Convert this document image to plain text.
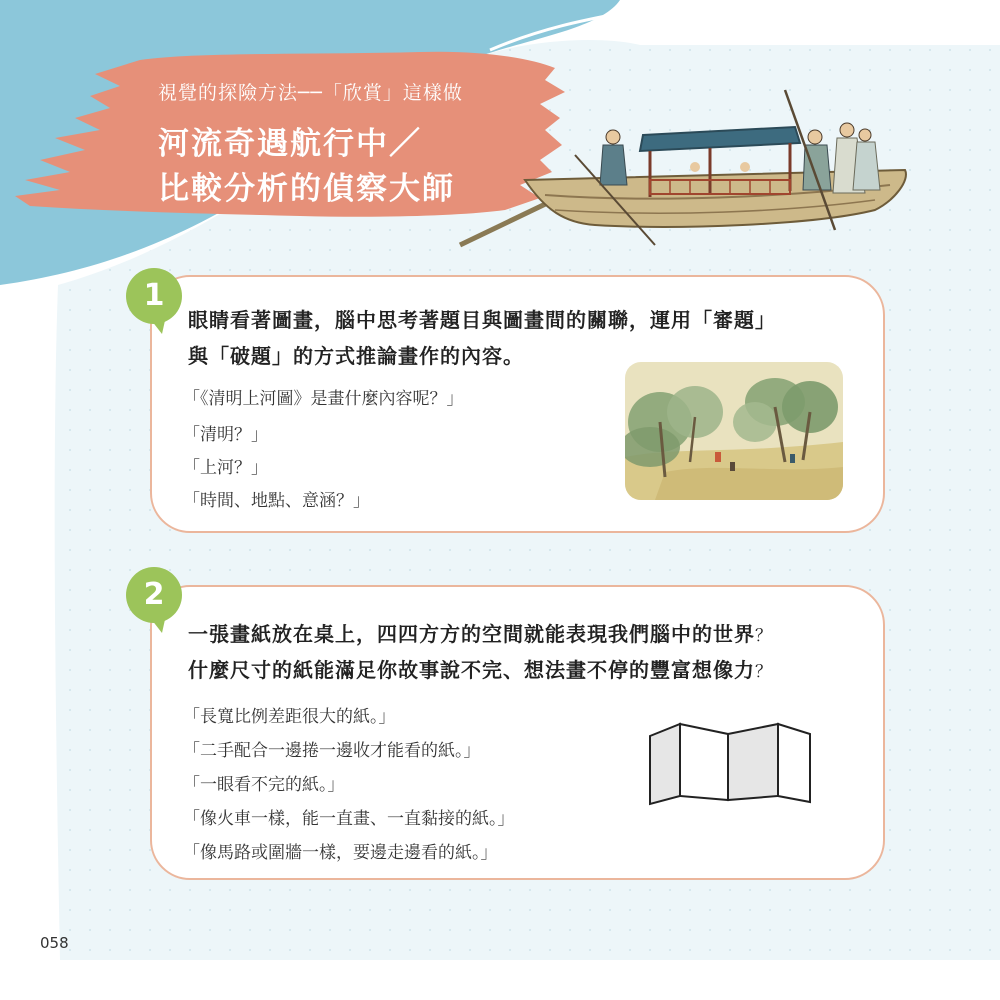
視覺的探險方法──「欣賞」這樣做
河流奇遇航行中／
比較分析的偵察大師
1
眼睛看著圖畫，腦中思考著題目與圖畫間的關聯，運用「審題」
與「破題」的方式推論畫作的內容。
「《清明上河圖》是畫什麼內容呢？」
「清明？」
「上河？」
「時間、地點、意涵？」
2
一張畫紙放在桌上，四四方方的空間就能表現我們腦中的世界？
什麼尺寸的紙能滿足你故事說不完、想法畫不停的豐富想像力？
「長寬比例差距很大的紙。」
「二手配合一邊捲一邊收才能看的紙。」
「一眼看不完的紙。」
「像火車一樣，能一直畫、一直黏接的紙。」
「像馬路或圍牆一樣，要邊走邊看的紙。」
058
